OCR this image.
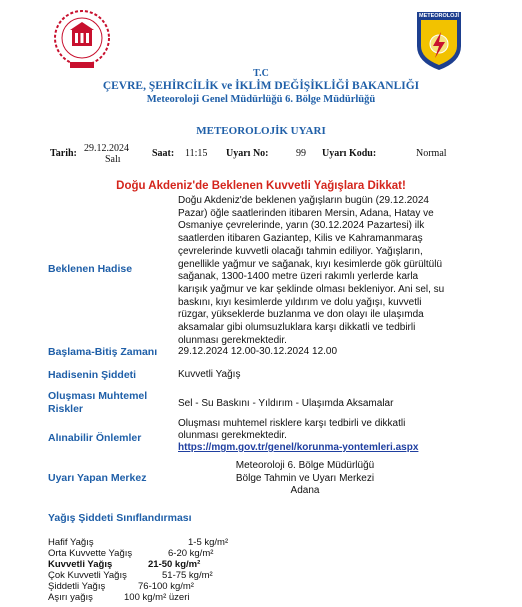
METEOROLOJİ
T.C
ÇEVRE, ŞEHİRCİLİK ve İKLİM DEĞİŞİKLİĞİ BAKANLIĞI
Meteoroloji Genel Müdürlüğü 6. Bölge Müdürlüğü
METEOROLOJİK UYARI
Tarih: 29.12.2024
Salı
Saat: 11:15 Uyarı No:	99 Uyarı Kodu:	Normal
Doğu Akdeniz'de Beklenen Kuvvetli Yağışlara Dikkat!
Beklenen Hadise
Doğu Akdeniz'de beklenen yağışların bugün (29.12.2024
Pazar) öğle saatlerinden itibaren Mersin, Adana, Hatay ve
Osmaniye çevrelerinde, yarın (30.12.2024 Pazartesi) ilk
saatlerden itibaren Gaziantep, Kilis ve Kahramanmaraş
çevrelerinde kuvvetli olacağı tahmin ediliyor. Yağışların,
genellikle yağmur ve sağanak, kıyı kesimlerde gök gürültülü
sağanak, 1300-1400 metre üzeri rakımlı yerlerde karla
karışık yağmur ve kar şeklinde olması bekleniyor. Ani sel, su
baskını, kıyı kesimlerde yıldırım ve dolu yağışı, kuvvetli
rüzgar, yükseklerde buzlanma ve don olayı ile ulaşımda
aksamalar gibi olumsuzluklara karşı dikkatli ve tedbirli
olunması gerekmektedir.
Başlama-Bitiş Zamanı 29.12.2024 12.00-30.12.2024 12.00
Hadisenin Şiddeti	Kuvvetli Yağış
Oluşması Muhtemel
Riskler	Sel - Su Baskını - Yıldırım - Ulaşımda Aksamalar
Alınabilir Önlemler
Oluşması muhtemel risklere karşı tedbirli ve dikkatli
olunması gerekmektedir.
https://mgm.gov.tr/genel/korunma-yontemleri.aspx
Uyarı Yapan Merkez
Meteoroloji 6. Bölge Müdürlüğü
Bölge Tahmin ve Uyarı Merkezi
Adana
Yağış Şiddeti Sınıflandırması
Hafif Yağış	1-5 kg/m²
Orta Kuvvette Yağış	6-20 kg/m²
Kuvvetli Yağış	21-50 kg/m²
Çok Kuvvetli Yağış	51-75 kg/m²
Şiddetli Yağış	76-100 kg/m²
Aşırı yağış	100 kg/m² üzeri
